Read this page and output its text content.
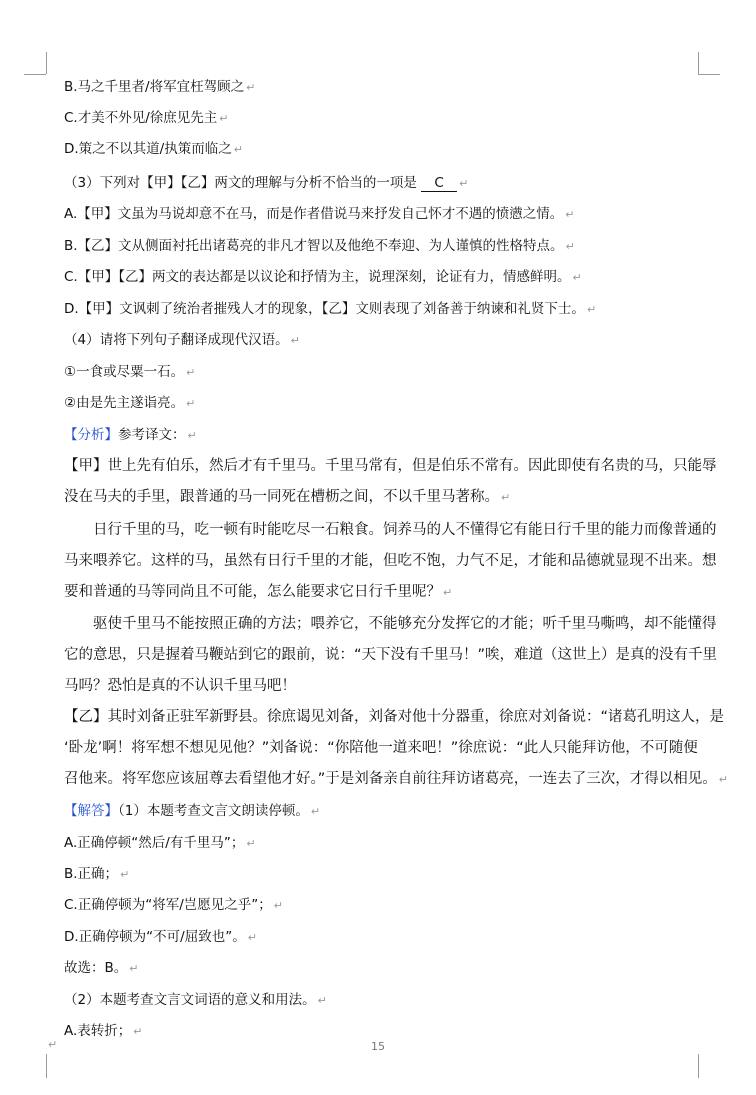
B.马之千里者/将军宜枉驾顾之 ↵
C.才美不外见/徐庶见先主 ↵
D.策之不以其道/执策而临之 ↵
（3）下列对【甲】【乙】两文的理解与分析不恰当的一项是 C ↵
A.【甲】文虽为马说却意不在马，而是作者借说马来抒发自己怀才不遇的愤懑之情。 ↵
B.【乙】文从侧面衬托出诸葛亮的非凡才智以及他绝不奉迎、为人谨慎的性格特点。 ↵
C.【甲】【乙】两文的表达都是以议论和抒情为主，说理深刻，论证有力，情感鲜明。 ↵
D.【甲】文讽刺了统治者摧残人才的现象，【乙】文则表现了刘备善于纳谏和礼贤下士。 ↵
（4）请将下列句子翻译成现代汉语。 ↵
①一食或尽粟一石。 ↵
②由是先主遂诣亮。 ↵
【分析】参考译文： ↵
【甲】世上先有伯乐，然后才有千里马。千里马常有，但是伯乐不常有。因此即使有名贵的马，只能辱
没在马夫的手里，跟普通的马一同死在槽枥之间，不以千里马著称。 ↵
日行千里的马，吃一顿有时能吃尽一石粮食。饲养马的人不懂得它有能日行千里的能力而像普通的
马来喂养它。这样的马，虽然有日行千里的才能，但吃不饱，力气不足，才能和品德就显现不出来。想
要和普通的马等同尚且不可能，怎么能要求它日行千里呢？ ↵
驱使千里马不能按照正确的方法；喂养它，不能够充分发挥它的才能；听千里马嘶鸣，却不能懂得
它的意思，只是握着马鞭站到它的跟前，说：“天下没有千里马！”唉，难道（这世上）是真的没有千里
马吗？恐怕是真的不认识千里马吧！
【乙】其时刘备正驻军新野县。徐庶谒见刘备，刘备对他十分器重，徐庶对刘备说：“诸葛孔明这人，是
‘卧龙’啊！将军想不想见见他？”刘备说：“你陪他一道来吧！”徐庶说：“此人只能拜访他，不可随便
召他来。将军您应该屈尊去看望他才好。”于是刘备亲自前往拜访诸葛亮，一连去了三次，才得以相见。 ↵
【解答】（1）本题考查文言文朗读停顿。 ↵
A.正确停顿“然后/有千里马”； ↵
B.正确； ↵
C.正确停顿为“将军/岂愿见之乎”； ↵
D.正确停顿为“不可/屈致也”。 ↵
故选：B。 ↵
（2）本题考查文言文词语的意义和用法。 ↵
A.表转折； ↵
↵	15
